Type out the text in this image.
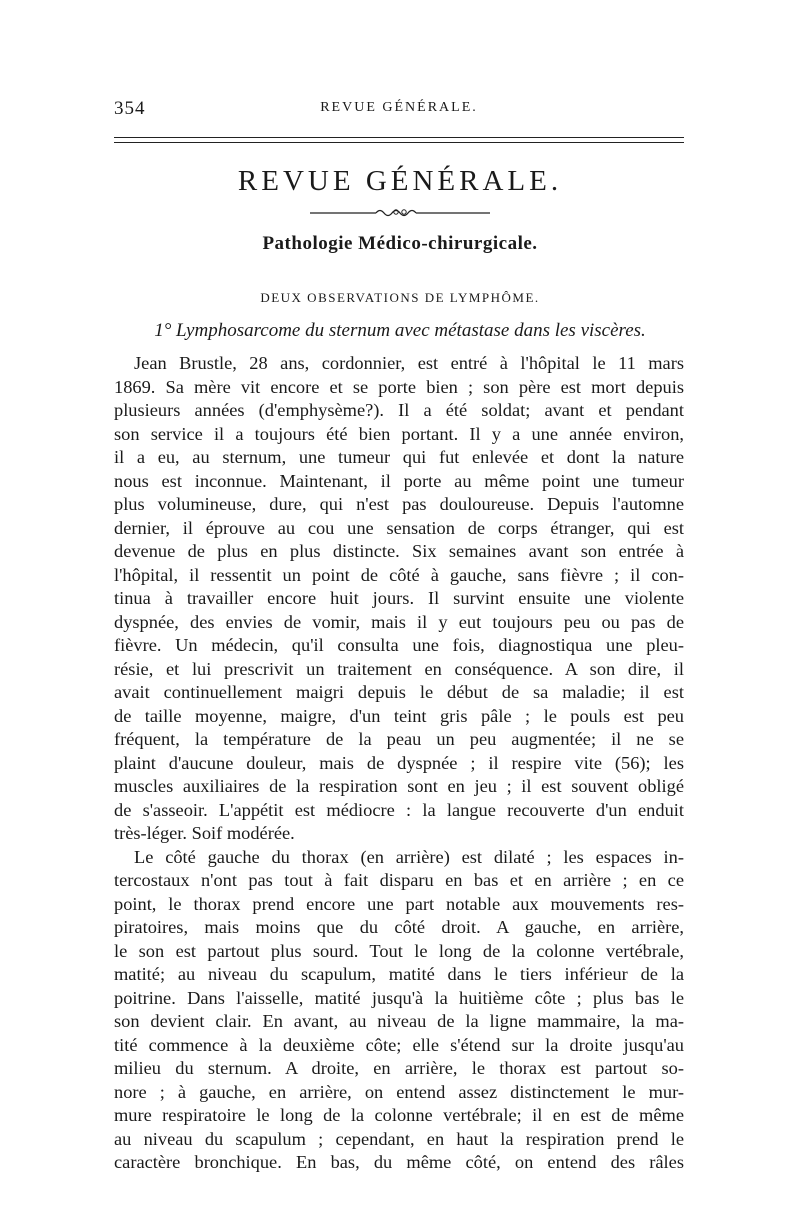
354	REVUE GÉNÉRALE.
REVUE GÉNÉRALE.
Pathologie Médico-chirurgicale.
DEUX OBSERVATIONS DE LYMPHÔME.
1° Lymphosarcome du sternum avec métastase dans les viscères.
Jean Brustle, 28 ans, cordonnier, est entré à l'hôpital le 11 mars
1869. Sa mère vit encore et se porte bien ; son père est mort depuis
plusieurs années (d'emphysème?). Il a été soldat; avant et pendant
son service il a toujours été bien portant. Il y a une année environ,
il a eu, au sternum, une tumeur qui fut enlevée et dont la nature
nous est inconnue. Maintenant, il porte au même point une tumeur
plus volumineuse, dure, qui n'est pas douloureuse. Depuis l'automne
dernier, il éprouve au cou une sensation de corps étranger, qui est
devenue de plus en plus distincte. Six semaines avant son entrée à
l'hôpital, il ressentit un point de côté à gauche, sans fièvre ; il con-
tinua à travailler encore huit jours. Il survint ensuite une violente
dyspnée, des envies de vomir, mais il y eut toujours peu ou pas de
fièvre. Un médecin, qu'il consulta une fois, diagnostiqua une pleu-
résie, et lui prescrivit un traitement en conséquence. A son dire, il
avait continuellement maigri depuis le début de sa maladie; il est
de taille moyenne, maigre, d'un teint gris pâle ; le pouls est peu
fréquent, la température de la peau un peu augmentée; il ne se
plaint d'aucune douleur, mais de dyspnée ; il respire vite (56); les
muscles auxiliaires de la respiration sont en jeu ; il est souvent obligé
de s'asseoir. L'appétit est médiocre : la langue recouverte d'un enduit
très-léger. Soif modérée.
Le côté gauche du thorax (en arrière) est dilaté ; les espaces in-
tercostaux n'ont pas tout à fait disparu en bas et en arrière ; en ce
point, le thorax prend encore une part notable aux mouvements res-
piratoires, mais moins que du côté droit. A gauche, en arrière,
le son est partout plus sourd. Tout le long de la colonne vertébrale,
matité; au niveau du scapulum, matité dans le tiers inférieur de la
poitrine. Dans l'aisselle, matité jusqu'à la huitième côte ; plus bas le
son devient clair. En avant, au niveau de la ligne mammaire, la ma-
tité commence à la deuxième côte; elle s'étend sur la droite jusqu'au
milieu du sternum. A droite, en arrière, le thorax est partout so-
nore ; à gauche, en arrière, on entend assez distinctement le mur-
mure respiratoire le long de la colonne vertébrale; il en est de même
au niveau du scapulum ; cependant, en haut la respiration prend le
caractère bronchique. En bas, du même côté, on entend des râles
